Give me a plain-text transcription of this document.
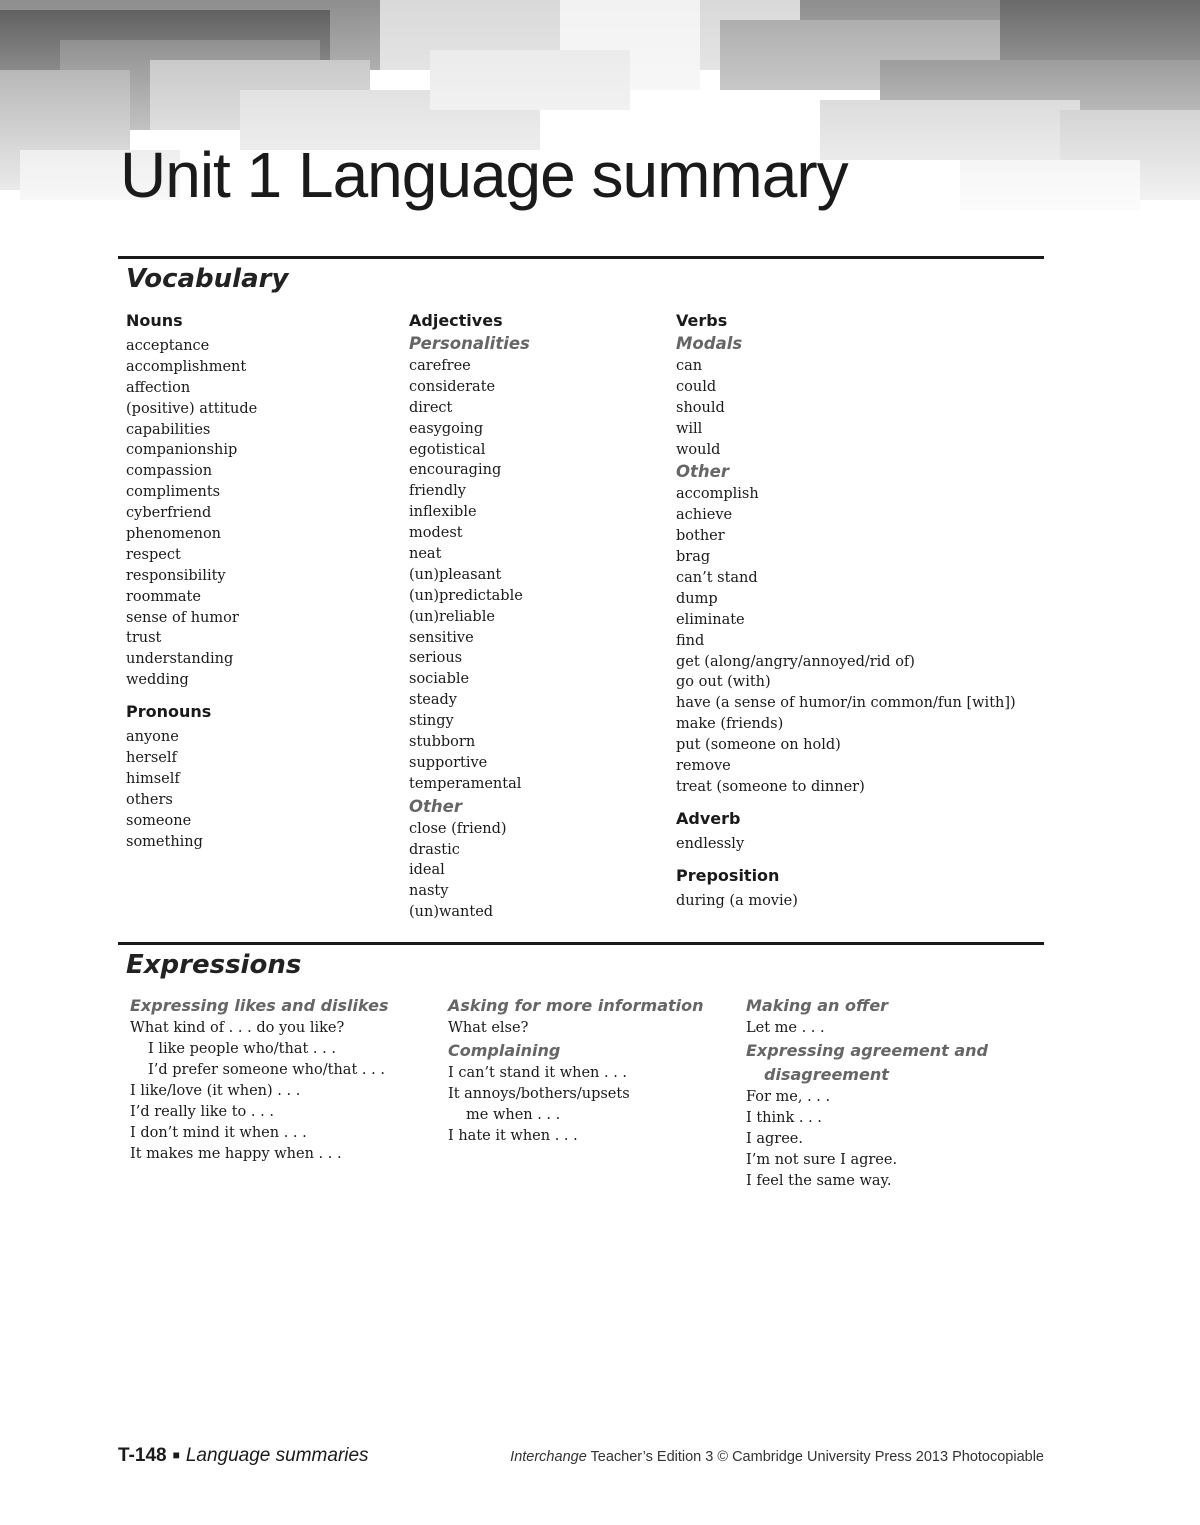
Unit 1 Language summary
Vocabulary
Nouns
acceptance
accomplishment
affection
(positive) attitude
capabilities
companionship
compassion
compliments
cyberfriend
phenomenon
respect
responsibility
roommate
sense of humor
trust
understanding
wedding
Pronouns
anyone
herself
himself
others
someone
something
Adjectives
Personalities
carefree
considerate
direct
easygoing
egotistical
encouraging
friendly
inflexible
modest
neat
(un)pleasant
(un)predictable
(un)reliable
sensitive
serious
sociable
steady
stingy
stubborn
supportive
temperamental
Other
close (friend)
drastic
ideal
nasty
(un)wanted
Verbs
Modals
can
could
should
will
would
Other
accomplish
achieve
bother
brag
can’t stand
dump
eliminate
find
get (along/angry/annoyed/rid of)
go out (with)
have (a sense of humor/in common/fun [with])
make (friends)
put (someone on hold)
remove
treat (someone to dinner)
Adverb
endlessly
Preposition
during (a movie)
Expressions
Expressing likes and dislikes
What kind of . . . do you like?
I like people who/that . . .
I’d prefer someone who/that . . .
I like/love (it when) . . .
I’d really like to . . .
I don’t mind it when . . .
It makes me happy when . . .
Asking for more information
What else?
Complaining
I can’t stand it when . . .
It annoys/bothers/upsets
me when . . .
I hate it when . . .
Making an offer
Let me . . .
Expressing agreement and
disagreement
For me, . . .
I think . . .
I agree.
I’m not sure I agree.
I feel the same way.
T-148 ■ Language summaries	Interchange Teacher’s Edition 3 © Cambridge University Press 2013 Photocopiable
